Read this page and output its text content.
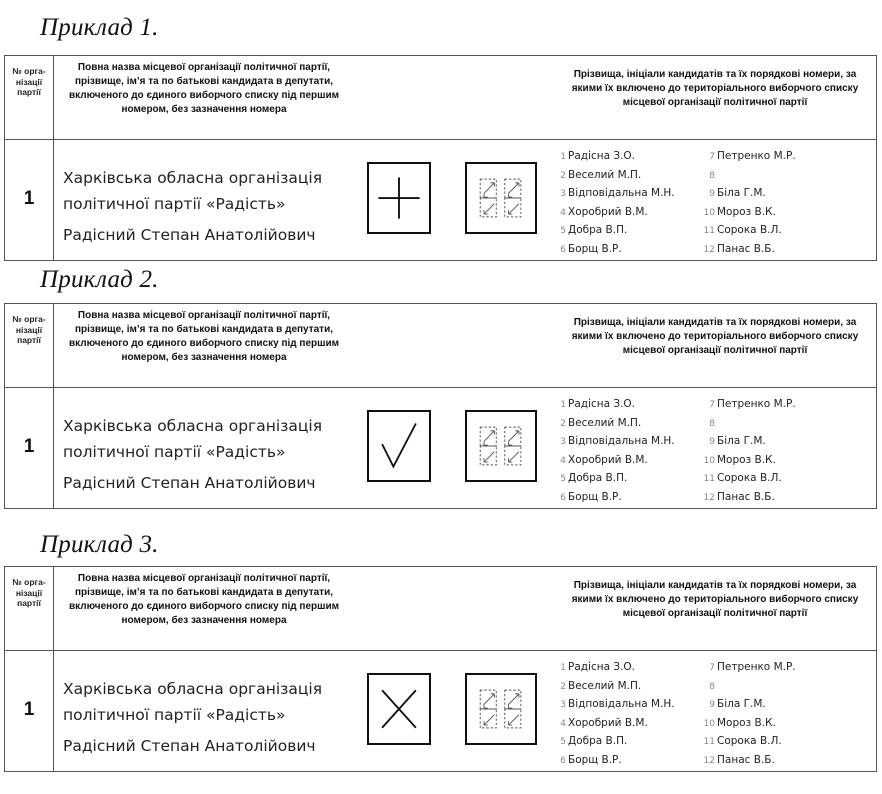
Приклад 1.
№ орга-нізації партії
Повна назва місцевої організації політичної партії, прізвище, ім’я та по батькові кандидата в депутати, включеного до єдиного виборчого списку під першим номером, без зазначення номера
Прізвища, ініціали кандидатів та їх порядкові номери, за якими їх включено до територіального виборчого списку місцевої організації політичної партії
1
Харківська обласна організація
політичної партії «Радість»
Радісний Степан Анатолійович
1 Радісна З.О.
2 Веселий М.П.
3 Відповідальна М.Н.
4 Хоробрий В.М.
5 Добра В.П.
6 Борщ В.Р.
7 Петренко М.Р.
8
9 Біла Г.М.
10 Мороз В.К.
11 Сорока В.Л.
12 Панас В.Б.
Приклад 2.
№ орга-нізації партії
Повна назва місцевої організації політичної партії, прізвище, ім’я та по батькові кандидата в депутати, включеного до єдиного виборчого списку під першим номером, без зазначення номера
Прізвища, ініціали кандидатів та їх порядкові номери, за якими їх включено до територіального виборчого списку місцевої організації політичної партії
1
Харківська обласна організація
політичної партії «Радість»
Радісний Степан Анатолійович
1 Радісна З.О.
2 Веселий М.П.
3 Відповідальна М.Н.
4 Хоробрий В.М.
5 Добра В.П.
6 Борщ В.Р.
7 Петренко М.Р.
8
9 Біла Г.М.
10 Мороз В.К.
11 Сорока В.Л.
12 Панас В.Б.
Приклад 3.
№ орга-нізації партії
Повна назва місцевої організації політичної партії, прізвище, ім’я та по батькові кандидата в депутати, включеного до єдиного виборчого списку під першим номером, без зазначення номера
Прізвища, ініціали кандидатів та їх порядкові номери, за якими їх включено до територіального виборчого списку місцевої організації політичної партії
1
Харківська обласна організація
політичної партії «Радість»
Радісний Степан Анатолійович
1 Радісна З.О.
2 Веселий М.П.
3 Відповідальна М.Н.
4 Хоробрий В.М.
5 Добра В.П.
6 Борщ В.Р.
7 Петренко М.Р.
8
9 Біла Г.М.
10 Мороз В.К.
11 Сорока В.Л.
12 Панас В.Б.
